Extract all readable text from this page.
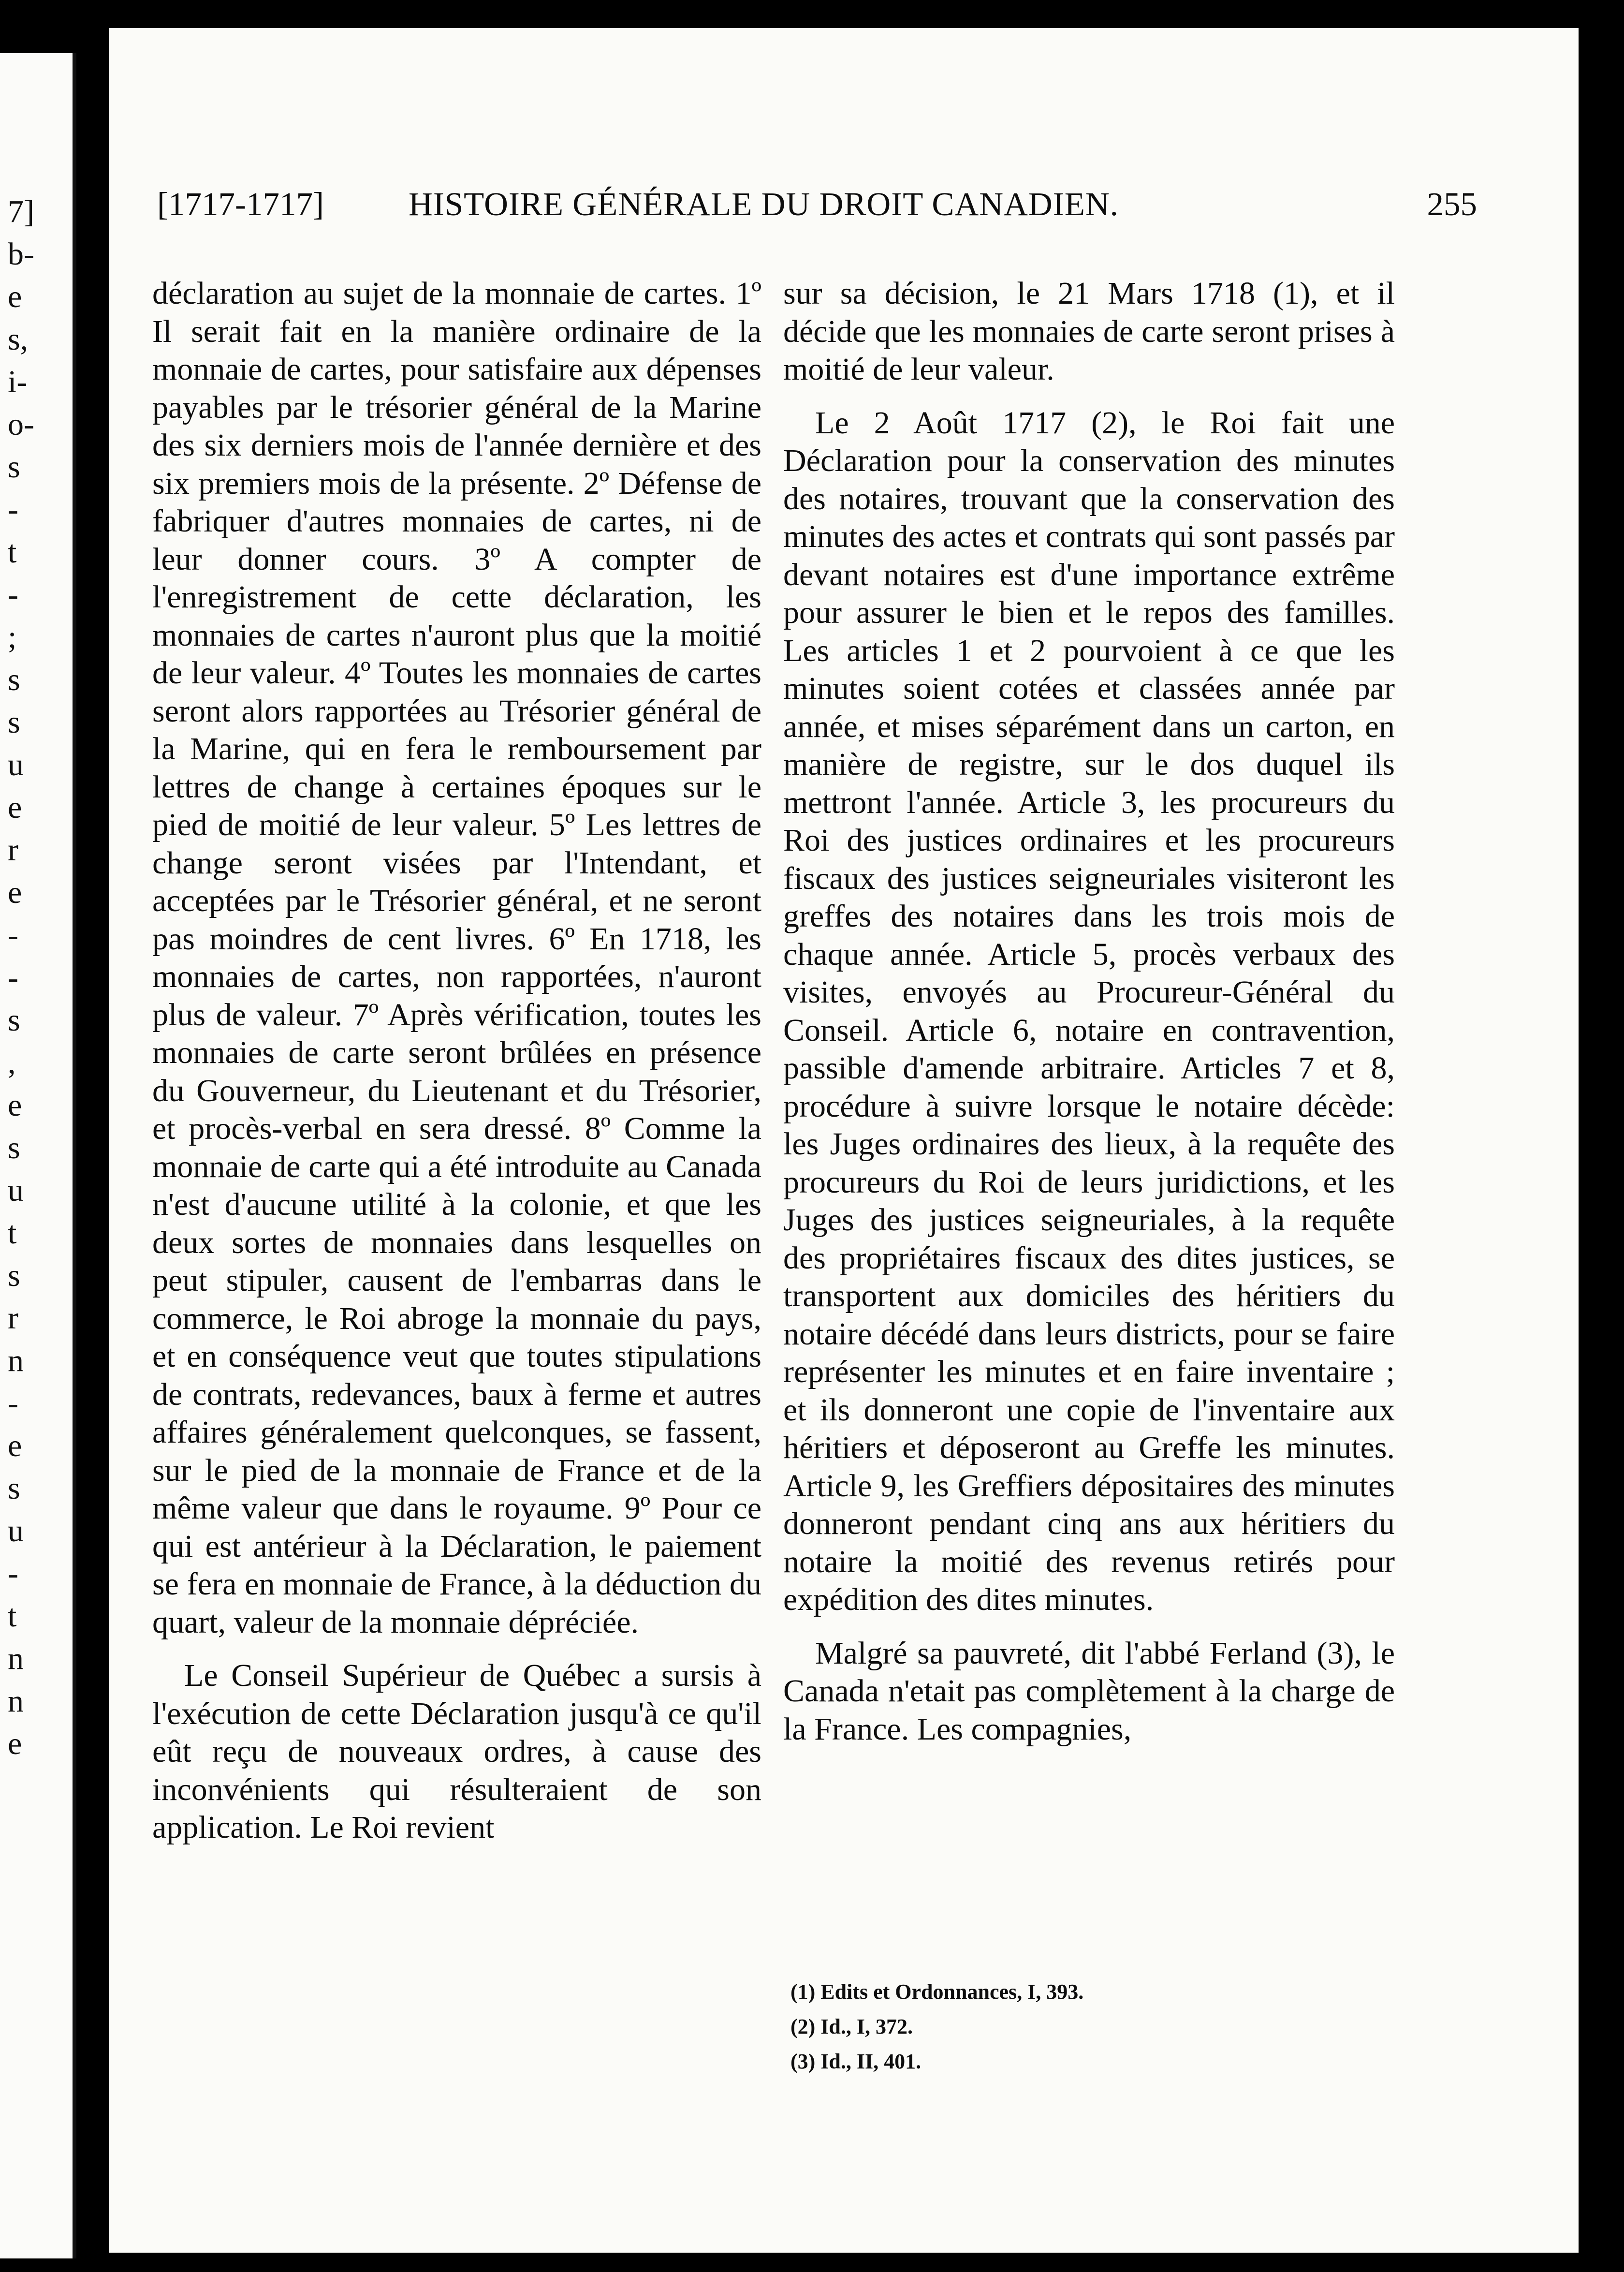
7]
b-
e
s,
i-
o-
s
-
t
-
;
s
s
u
e
r
e
-
-
s
,
e
s
u
t
s
r
n
-
e
s
u
-
t
n
n
e
[1717-1717]	HISTOIRE GÉNÉRALE DU DROIT CANADIEN.	255

déclaration au sujet de la monnaie de cartes. 1º Il serait fait en la manière ordinaire de la monnaie de cartes, pour satisfaire aux dépenses payables par le trésorier général de la Marine des six derniers mois de l'année dernière et des six premiers mois de la présente. 2º Défense de fabriquer d'autres monnaies de cartes, ni de leur donner cours. 3º A compter de l'enregistrement de cette déclaration, les monnaies de cartes n'auront plus que la moitié de leur valeur. 4º Toutes les monnaies de cartes seront alors rapportées au Trésorier général de la Marine, qui en fera le remboursement par lettres de change à certaines époques sur le pied de moitié de leur valeur. 5º Les lettres de change seront visées par l'Intendant, et acceptées par le Trésorier général, et ne seront pas moindres de cent livres. 6º En 1718, les monnaies de cartes, non rapportées, n'auront plus de valeur. 7º Après vérification, toutes les monnaies de carte seront brûlées en présence du Gouverneur, du Lieutenant et du Trésorier, et procès-verbal en sera dressé. 8º Comme la monnaie de carte qui a été introduite au Canada n'est d'aucune utilité à la colonie, et que les deux sortes de monnaies dans lesquelles on peut stipuler, causent de l'embarras dans le commerce, le Roi abroge la monnaie du pays, et en conséquence veut que toutes stipulations de contrats, redevances, baux à ferme et autres affaires généralement quelconques, se fassent, sur le pied de la monnaie de France et de la même valeur que dans le royaume. 9º Pour ce qui est antérieur à la Déclaration, le paiement se fera en monnaie de France, à la déduction du quart, valeur de la monnaie dépréciée.

Le Conseil Supérieur de Québec a sursis à l'exécution de cette Déclaration jusqu'à ce qu'il eût reçu de nouveaux ordres, à cause des inconvénients qui résulteraient de son application. Le Roi revient

sur sa décision, le 21 Mars 1718 (1), et il décide que les monnaies de carte seront prises à moitié de leur valeur.

Le 2 Août 1717 (2), le Roi fait une Déclaration pour la conservation des minutes des notaires, trouvant que la conservation des minutes des actes et contrats qui sont passés par devant notaires est d'une importance extrême pour assurer le bien et le repos des familles. Les articles 1 et 2 pourvoient à ce que les minutes soient cotées et classées année par année, et mises séparément dans un carton, en manière de registre, sur le dos duquel ils mettront l'année. Article 3, les procureurs du Roi des justices ordinaires et les procureurs fiscaux des justices seigneuriales visiteront les greffes des notaires dans les trois mois de chaque année. Article 5, procès verbaux des visites, envoyés au Procureur-Général du Conseil. Article 6, notaire en contravention, passible d'amende arbitraire. Articles 7 et 8, procédure à suivre lorsque le notaire décède: les Juges ordinaires des lieux, à la requête des procureurs du Roi de leurs juridictions, et les Juges des justices seigneuriales, à la requête des propriétaires fiscaux des dites justices, se transportent aux domiciles des héritiers du notaire décédé dans leurs districts, pour se faire représenter les minutes et en faire inventaire ; et ils donneront une copie de l'inventaire aux héritiers et déposeront au Greffe les minutes. Article 9, les Greffiers dépositaires des minutes donneront pendant cinq ans aux héritiers du notaire la moitié des revenus retirés pour expédition des dites minutes.

Malgré sa pauvreté, dit l'abbé Ferland (3), le Canada n'etait pas complètement à la charge de la France. Les compagnies,

(1) Edits et Ordonnances, I, 393.
(2) Id., I, 372.
(3) Id., II, 401.
